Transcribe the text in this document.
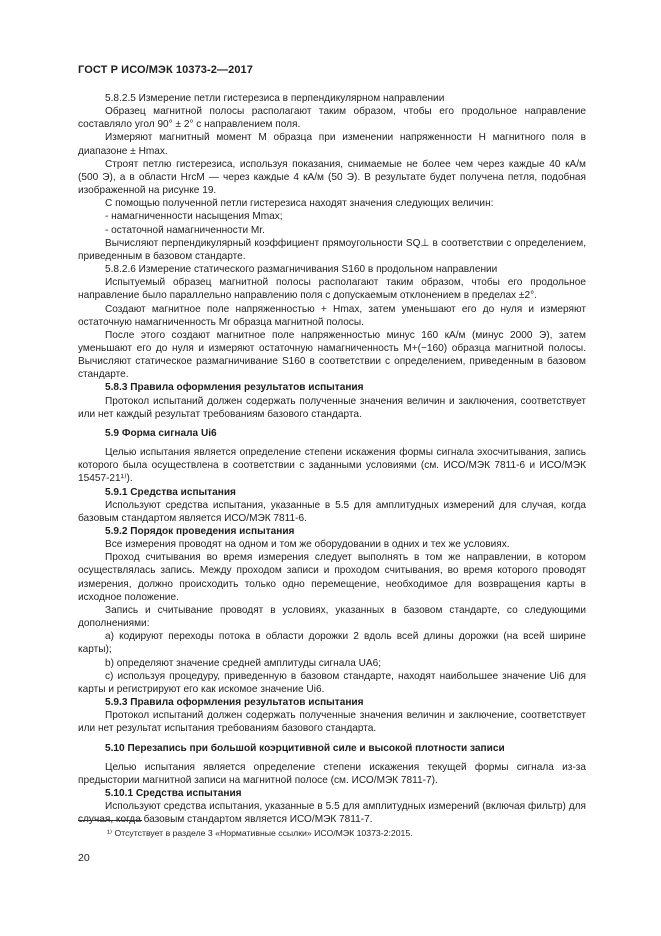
ГОСТ Р ИСО/МЭК 10373-2—2017

5.8.2.5 Измерение петли гистерезиса в перпендикулярном направлении

Образец магнитной полосы располагают таким образом, чтобы его продольное направление составляло угол 90° ± 2° с направлением поля.

Измеряют магнитный момент M образца при изменении напряженности H магнитного поля в диапазоне ± Hmax.

Строят петлю гистерезиса, используя показания, снимаемые не более чем через каждые 40 кА/м (500 Э), а в области HrcM — через каждые 4 кА/м (50 Э). В результате будет получена петля, подобная изображенной на рисунке 19.

С помощью полученной петли гистерезиса находят значения следующих величин:

- намагниченности насыщения Mmax;

- остаточной намагниченности Mr.

Вычисляют перпендикулярный коэффициент прямоугольности SQ⊥ в соответствии с определением, приведенным в базовом стандарте.

5.8.2.6 Измерение статического размагничивания S160 в продольном направлении

Испытуемый образец магнитной полосы располагают таким образом, чтобы его продольное направление было параллельно направлению поля с допускаемым отклонением в пределах ±2°.

Создают магнитное поле напряженностью + Hmax, затем уменьшают его до нуля и измеряют остаточную намагниченность Mr образца магнитной полосы.

После этого создают магнитное поле напряженностью минус 160 кА/м (минус 2000 Э), затем уменьшают его до нуля и измеряют остаточную намагниченность M+(−160) образца магнитной полосы. Вычисляют статическое размагничивание S160 в соответствии с определением, приведенным в базовом стандарте.

5.8.3 Правила оформления результатов испытания

Протокол испытаний должен содержать полученные значения величин и заключения, соответствует или нет каждый результат требованиям базового стандарта.

5.9 Форма сигнала Ui6

Целью испытания является определение степени искажения формы сигнала эхосчитывания, запись которого была осуществлена в соответствии с заданными условиями (см. ИСО/МЭК 7811-6 и ИСО/МЭК 15457-21¹⁾).

5.9.1 Средства испытания

Используют средства испытания, указанные в 5.5 для амплитудных измерений для случая, когда базовым стандартом является ИСО/МЭК 7811-6.

5.9.2 Порядок проведения испытания

Все измерения проводят на одном и том же оборудовании в одних и тех же условиях.

Проход считывания во время измерения следует выполнять в том же направлении, в котором осуществлялась запись. Между проходом записи и проходом считывания, во время которого проводят измерения, должно происходить только одно перемещение, необходимое для возвращения карты в исходное положение.

Запись и считывание проводят в условиях, указанных в базовом стандарте, со следующими дополнениями:

a) кодируют переходы потока в области дорожки 2 вдоль всей длины дорожки (на всей ширине карты);

b) определяют значение средней амплитуды сигнала UA6;

c) используя процедуру, приведенную в базовом стандарте, находят наибольшее значение Ui6 для карты и регистрируют его как искомое значение Ui6.

5.9.3 Правила оформления результатов испытания

Протокол испытаний должен содержать полученные значения величин и заключение, соответствует или нет результат испытания требованиям базового стандарта.

5.10 Перезапись при большой коэрцитивной силе и высокой плотности записи

Целью испытания является определение степени искажения текущей формы сигнала из-за предыстории магнитной записи на магнитной полосе (см. ИСО/МЭК 7811-7).

5.10.1 Средства испытания

Используют средства испытания, указанные в 5.5 для амплитудных измерений (включая фильтр) для случая, когда базовым стандартом является ИСО/МЭК 7811-7.

¹⁾ Отсутствует в разделе 3 «Нормативные ссылки» ИСО/МЭК 10373-2:2015.
20
